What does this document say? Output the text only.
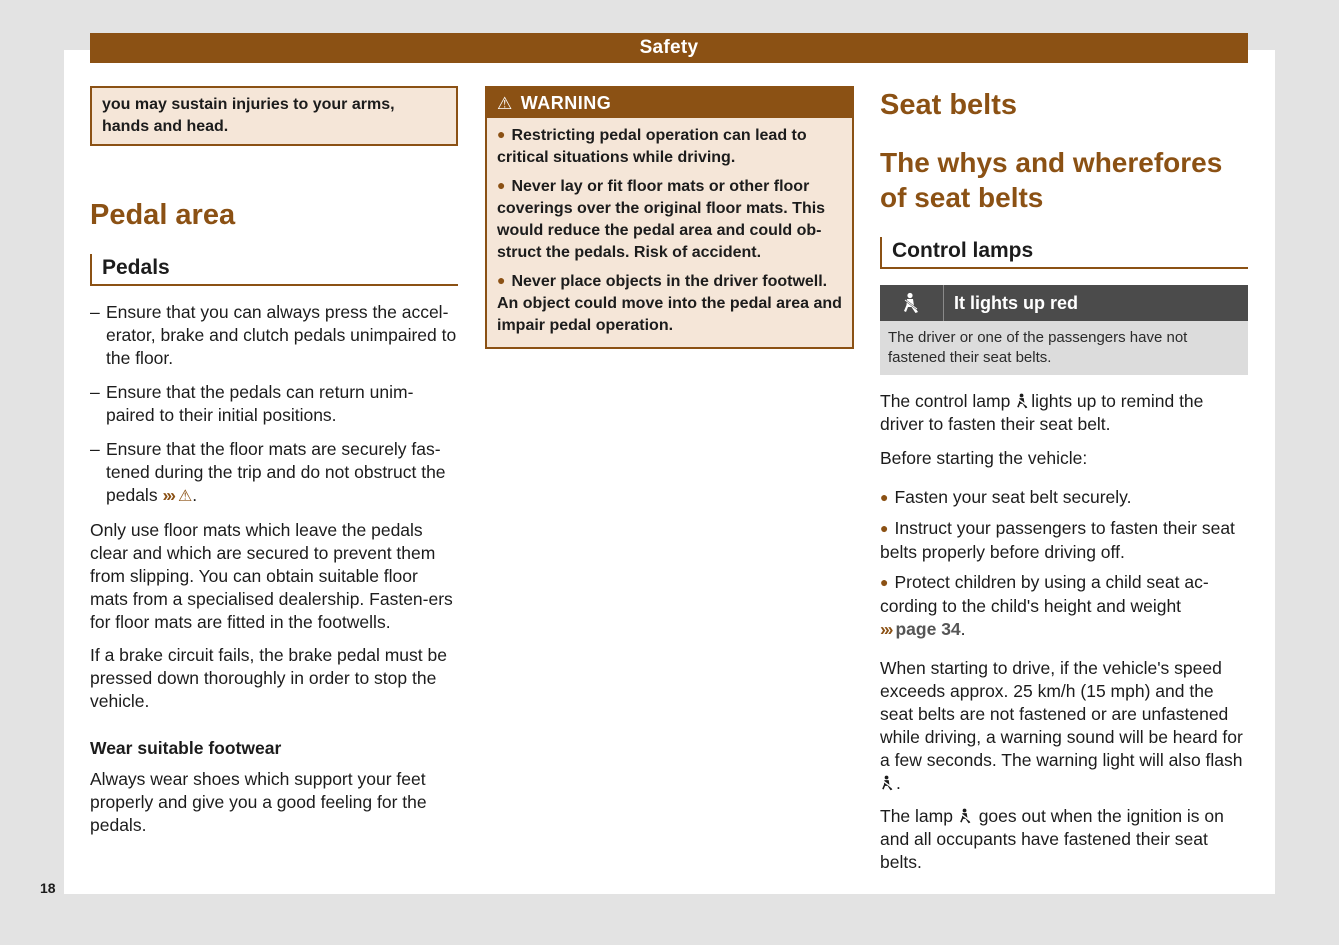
Safety
you may sustain injuries to your arms, hands and head.
Pedal area
Pedals
– Ensure that you can always press the accel-erator, brake and clutch pedals unimpaired to the floor.
– Ensure that the pedals can return unim-paired to their initial positions.
– Ensure that the floor mats are securely fas-tened during the trip and do not obstruct the pedals ››› ⚠.

Only use floor mats which leave the pedals clear and which are secured to prevent them from slipping. You can obtain suitable floor mats from a specialised dealership. Fasten-ers for floor mats are fitted in the footwells.

If a brake circuit fails, the brake pedal must be pressed down thoroughly in order to stop the vehicle.

Wear suitable footwear

Always wear shoes which support your feet properly and give you a good feeling for the pedals.

⚠ WARNING

● Restricting pedal operation can lead to critical situations while driving.

● Never lay or fit floor mats or other floor coverings over the original floor mats. This would reduce the pedal area and could ob-struct the pedals. Risk of accident.

● Never place objects in the driver footwell. An object could move into the pedal area and impair pedal operation.

Seat belts
The whys and wherefores of seat belts
Control lamps
It lights up red
The driver or one of the passengers have not fastened their seat belts.

The control lamp lights up to remind the driver to fasten their seat belt.

Before starting the vehicle:

● Fasten your seat belt securely.

● Instruct your passengers to fasten their seat belts properly before driving off.

● Protect children by using a child seat ac-cording to the child's height and weight
››› page 34.

When starting to drive, if the vehicle's speed exceeds approx. 25 km/h (15 mph) and the seat belts are not fastened or are unfastened while driving, a warning sound will be heard for a few seconds. The warning light will also flash .

The lamp goes out when the ignition is on and all occupants have fastened their seat belts.

18
